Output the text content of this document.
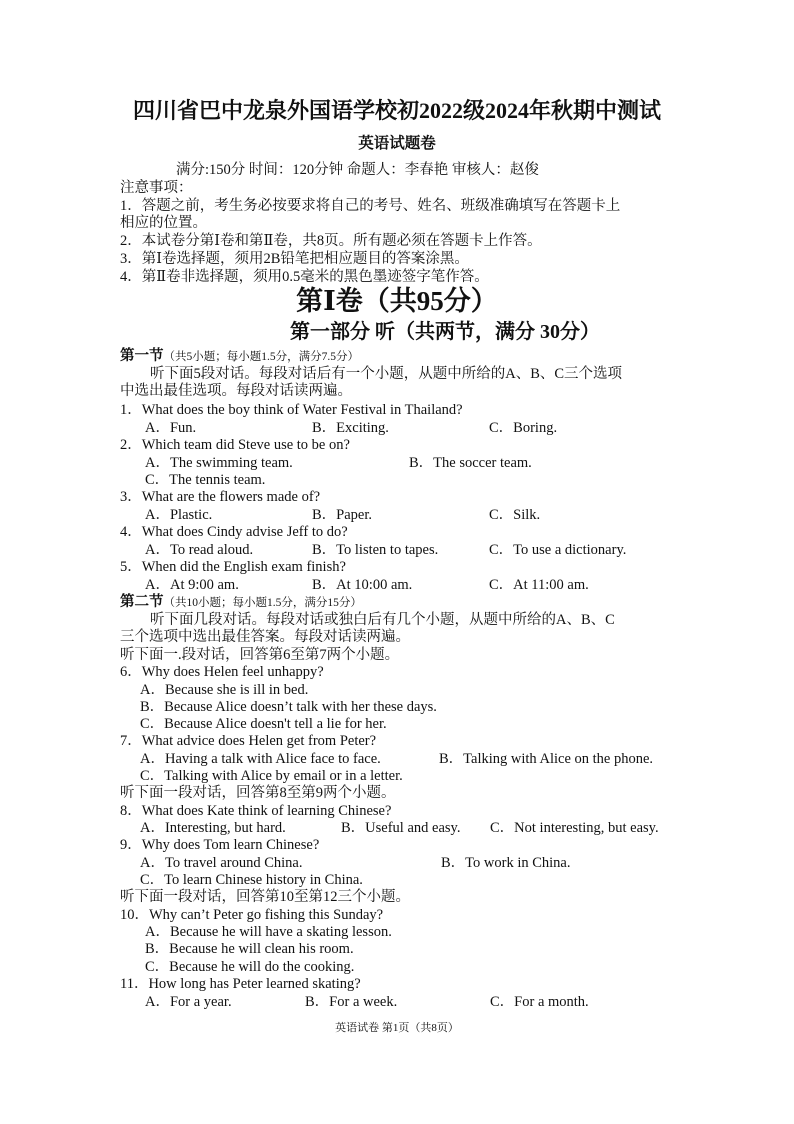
四川省巴中龙泉外国语学校初2022级2024年秋期中测试
英语试题卷
满分:150分 时间：120分钟 命题人：李春艳 审核人：赵俊
注意事项：
1．答题之前，考生务必按要求将自己的考号、姓名、班级准确填写在答题卡上
相应的位置。
2．本试卷分第Ⅰ卷和第Ⅱ卷，共8页。所有题必须在答题卡上作答。
3．第Ⅰ卷选择题，须用2B铅笔把相应题目的答案涂黑。
4．第Ⅱ卷非选择题，须用0.5毫米的黑色墨迹签字笔作答。
第Ⅰ卷（共95分）
第一部分 听（共两节，满分 30分）
第一节（共5小题；每小题1.5分，满分7.5分）
听下面5段对话。每段对话后有一个小题，从题中所给的A、B、C三个选项
中选出最佳选项。每段对话读两遍。
1．What does the boy think of Water Festival in Thailand?
A．Fun.	B．Exciting.	C．Boring.
2．Which team did Steve use to be on?
A．The swimming team.	B．The soccer team.
C．The tennis team.
3．What are the flowers made of?
A．Plastic.	B．Paper.	C．Silk.
4．What does Cindy advise Jeff to do?
A．To read aloud.	B．To listen to tapes.	C．To use a dictionary.
5．When did the English exam finish?
A．At 9:00 am.	B．At 10:00 am.	C．At 11:00 am.
第二节（共10小题；每小题1.5分，满分15分）
听下面几段对话。每段对话或独白后有几个小题，从题中所给的A、B、C
三个选项中选出最佳答案。每段对话读两遍。
听下面一.段对话，回答第6至第7两个小题。
6．Why does Helen feel unhappy?
A．Because she is ill in bed.
B．Because Alice doesn’t talk with her these days.
C．Because Alice doesn't tell a lie for her.
7．What advice does Helen get from Peter?
A．Having a talk with Alice face to face.	B．Talking with Alice on the phone.
C．Talking with Alice by email or in a letter.
听下面一段对话，回答第8至第9两个小题。
8．What does Kate think of learning Chinese?
A．Interesting, but hard.	B．Useful and easy. C．Not interesting, but easy.
9．Why does Tom learn Chinese?
A．To travel around China.	B．To work in China.
C．To learn Chinese history in China.
听下面一段对话，回答第10至第12三个小题。
10．Why can’t Peter go fishing this Sunday?
A．Because he will have a skating lesson.
B．Because he will clean his room.
C．Because he will do the cooking.
11．How long has Peter learned skating?
A．For a year.	B．For a week.	C．For a month.
英语试卷 第1页（共8页）
